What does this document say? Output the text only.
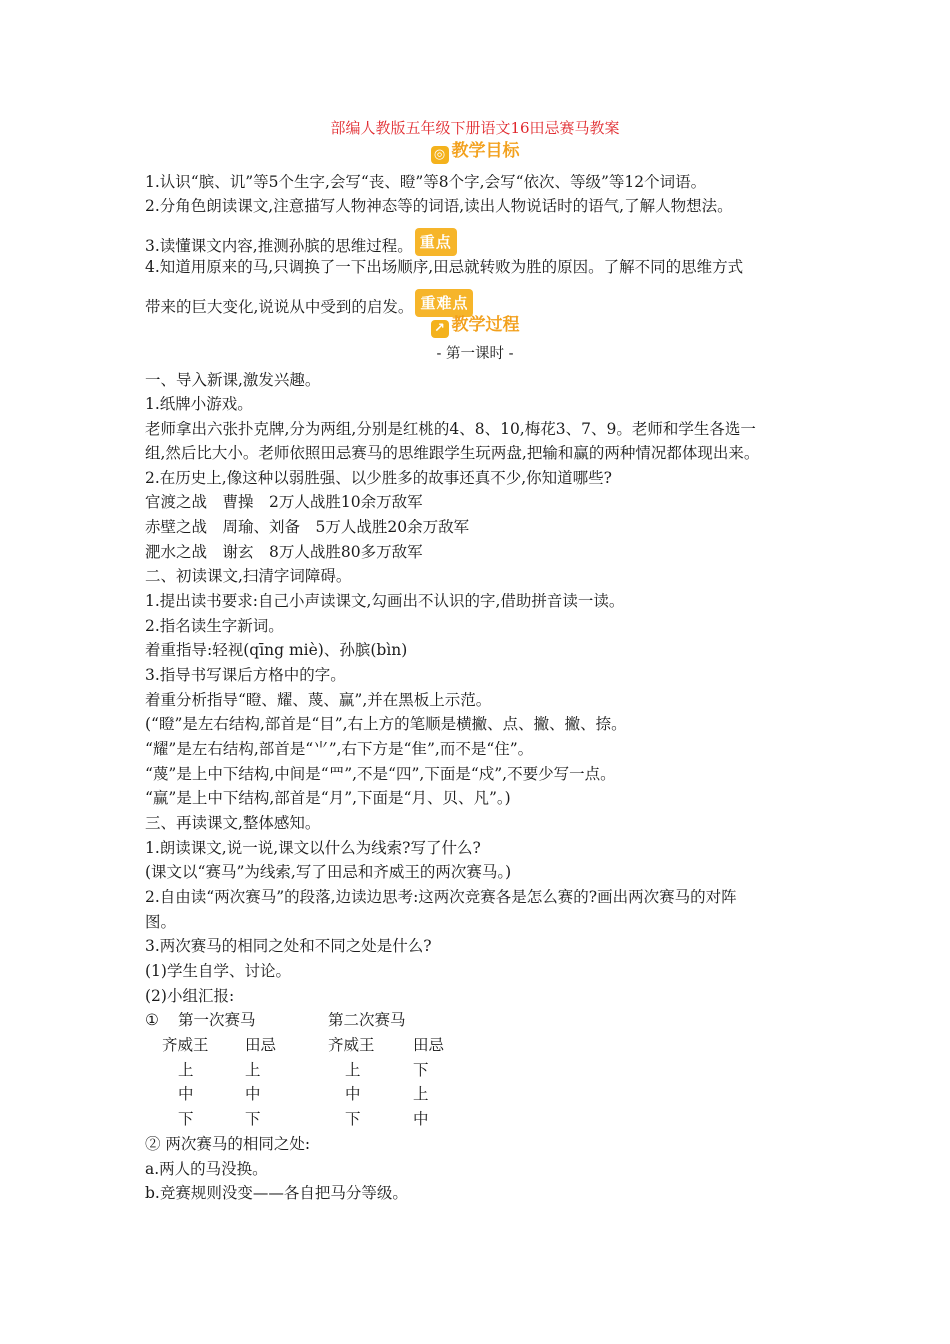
部编人教版五年级下册语文16田忌赛马教案
◎ 教学目标
1.认识“膑、讥”等5个生字,会写“丧、瞪”等8个字,会写“依次、等级”等12个词语。
2.分角色朗读课文,注意描写人物神态等的词语,读出人物说话时的语气,了解人物想法。
3.读懂课文内容,推测孙膑的思维过程。 重点
4.知道用原来的马,只调换了一下出场顺序,田忌就转败为胜的原因。了解不同的思维方式
带来的巨大变化,说说从中受到的启发。 重难点
↗ 教学过程
- 第一课时 -
一、导入新课,激发兴趣。
1.纸牌小游戏。
老师拿出六张扑克牌,分为两组,分别是红桃的4、8、10,梅花3、7、9。老师和学生各选一
组,然后比大小。老师依照田忌赛马的思维跟学生玩两盘,把输和赢的两种情况都体现出来。
2.在历史上,像这种以弱胜强、以少胜多的故事还真不少,你知道哪些?
官渡之战　曹操　2万人战胜10余万敌军
赤壁之战　周瑜、刘备　5万人战胜20余万敌军
淝水之战　谢玄　8万人战胜80多万敌军
二、初读课文,扫清字词障碍。
1.提出读书要求:自己小声读课文,勾画出不认识的字,借助拼音读一读。
2.指名读生字新词。
着重指导:轻视(qīng miè)、孙膑(bìn)
3.指导书写课后方格中的字。
着重分析指导“瞪、耀、蔑、赢”,并在黑板上示范。
(“瞪”是左右结构,部首是“目”,右上方的笔顺是横撇、点、撇、撇、捺。
“耀”是左右结构,部首是“⺌”,右下方是“隹”,而不是“住”。
“蔑”是上中下结构,中间是“罒”,不是“四”,下面是“戍”,不要少写一点。
“赢”是上中下结构,部首是“月”,下面是“月、贝、凡”。)
三、再读课文,整体感知。
1.朗读课文,说一说,课文以什么为线索?写了什么?
(课文以“赛马”为线索,写了田忌和齐威王的两次赛马。)
2.自由读“两次赛马”的段落,边读边思考:这两次竞赛各是怎么赛的?画出两次赛马的对阵
图。
3.两次赛马的相同之处和不同之处是什么?
(1)学生自学、讨论。
(2)小组汇报:
① 第一次赛马	第二次赛马
齐威王 田忌	齐威王 田忌
上	上	上	下
中	中	中	上
下	下	下	中
② 两次赛马的相同之处:
a.两人的马没换。
b.竞赛规则没变——各自把马分等级。
